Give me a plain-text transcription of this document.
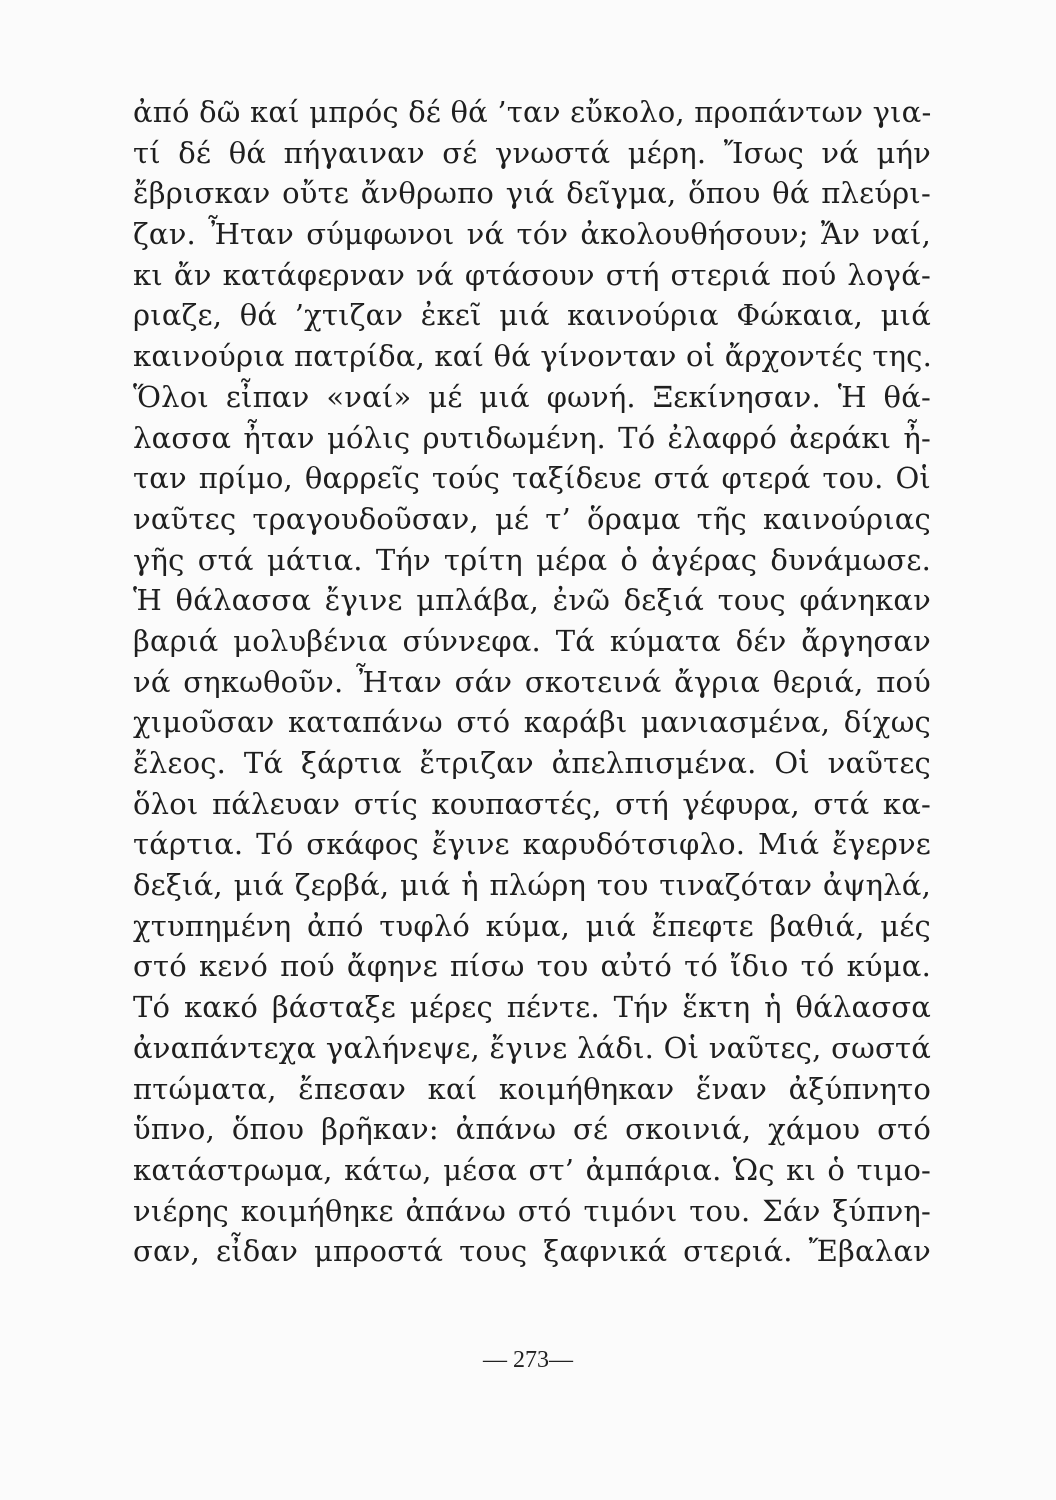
ἀπό δῶ καί μπρός δέ θά ’ταν εὔκολο, προπάντων για-
τί δέ θά πήγαιναν σέ γνωστά μέρη. Ἴσως νά μήν
ἔβρισκαν οὔτε ἄνθρωπο γιά δεῖγμα, ὅπου θά πλεύρι-
ζαν. Ἦταν σύμφωνοι νά τόν ἀκολουθήσουν; Ἄν ναί,
κι ἄν κατάφερναν νά φτάσουν στή στεριά πού λογά-
ριαζε, θά ’χτιζαν ἐκεῖ μιά καινούρια Φώκαια, μιά
καινούρια πατρίδα, καί θά γίνονταν οἱ ἄρχοντές της.
Ὅλοι εἶπαν «ναί» μέ μιά φωνή. Ξεκίνησαν. Ἡ θά-
λασσα ἦταν μόλις ρυτιδωμένη. Τό ἐλαφρό ἀεράκι ἦ-
ταν πρίμο, θαρρεῖς τούς ταξίδευε στά φτερά του. Οἱ
ναῦτες τραγουδοῦσαν, μέ τ’ ὅραμα τῆς καινούριας
γῆς στά μάτια. Τήν τρίτη μέρα ὁ ἀγέρας δυνάμωσε.
Ἡ θάλασσα ἔγινε μπλάβα, ἐνῶ δεξιά τους φάνηκαν
βαριά μολυβένια σύννεφα. Τά κύματα δέν ἄργησαν
νά σηκωθοῦν. Ἦταν σάν σκοτεινά ἄγρια θεριά, πού
χιμοῦσαν καταπάνω στό καράβι μανιασμένα, δίχως
ἔλεος. Τά ξάρτια ἔτριζαν ἀπελπισμένα. Οἱ ναῦτες
ὅλοι πάλευαν στίς κουπαστές, στή γέφυρα, στά κα-
τάρτια. Τό σκάφος ἔγινε καρυδότσιφλο. Μιά ἔγερνε
δεξιά, μιά ζερβά, μιά ἡ πλώρη του τιναζόταν ἀψηλά,
χτυπημένη ἀπό τυφλό κύμα, μιά ἔπεφτε βαθιά, μές
στό κενό πού ἄφηνε πίσω του αὐτό τό ἴδιο τό κύμα.
Τό κακό βάσταξε μέρες πέντε. Τήν ἕκτη ἡ θάλασσα
ἀναπάντεχα γαλήνεψε, ἔγινε λάδι. Οἱ ναῦτες, σωστά
πτώματα, ἔπεσαν καί κοιμήθηκαν ἕναν ἀξύπνητο
ὕπνο, ὅπου βρῆκαν: ἀπάνω σέ σκοινιά, χάμου στό
κατάστρωμα, κάτω, μέσα στ’ ἀμπάρια. Ὡς κι ὁ τιμο-
νιέρης κοιμήθηκε ἀπάνω στό τιμόνι του. Σάν ξύπνη-
σαν, εἶδαν μπροστά τους ξαφνικά στεριά. Ἔβαλαν
— 273—
